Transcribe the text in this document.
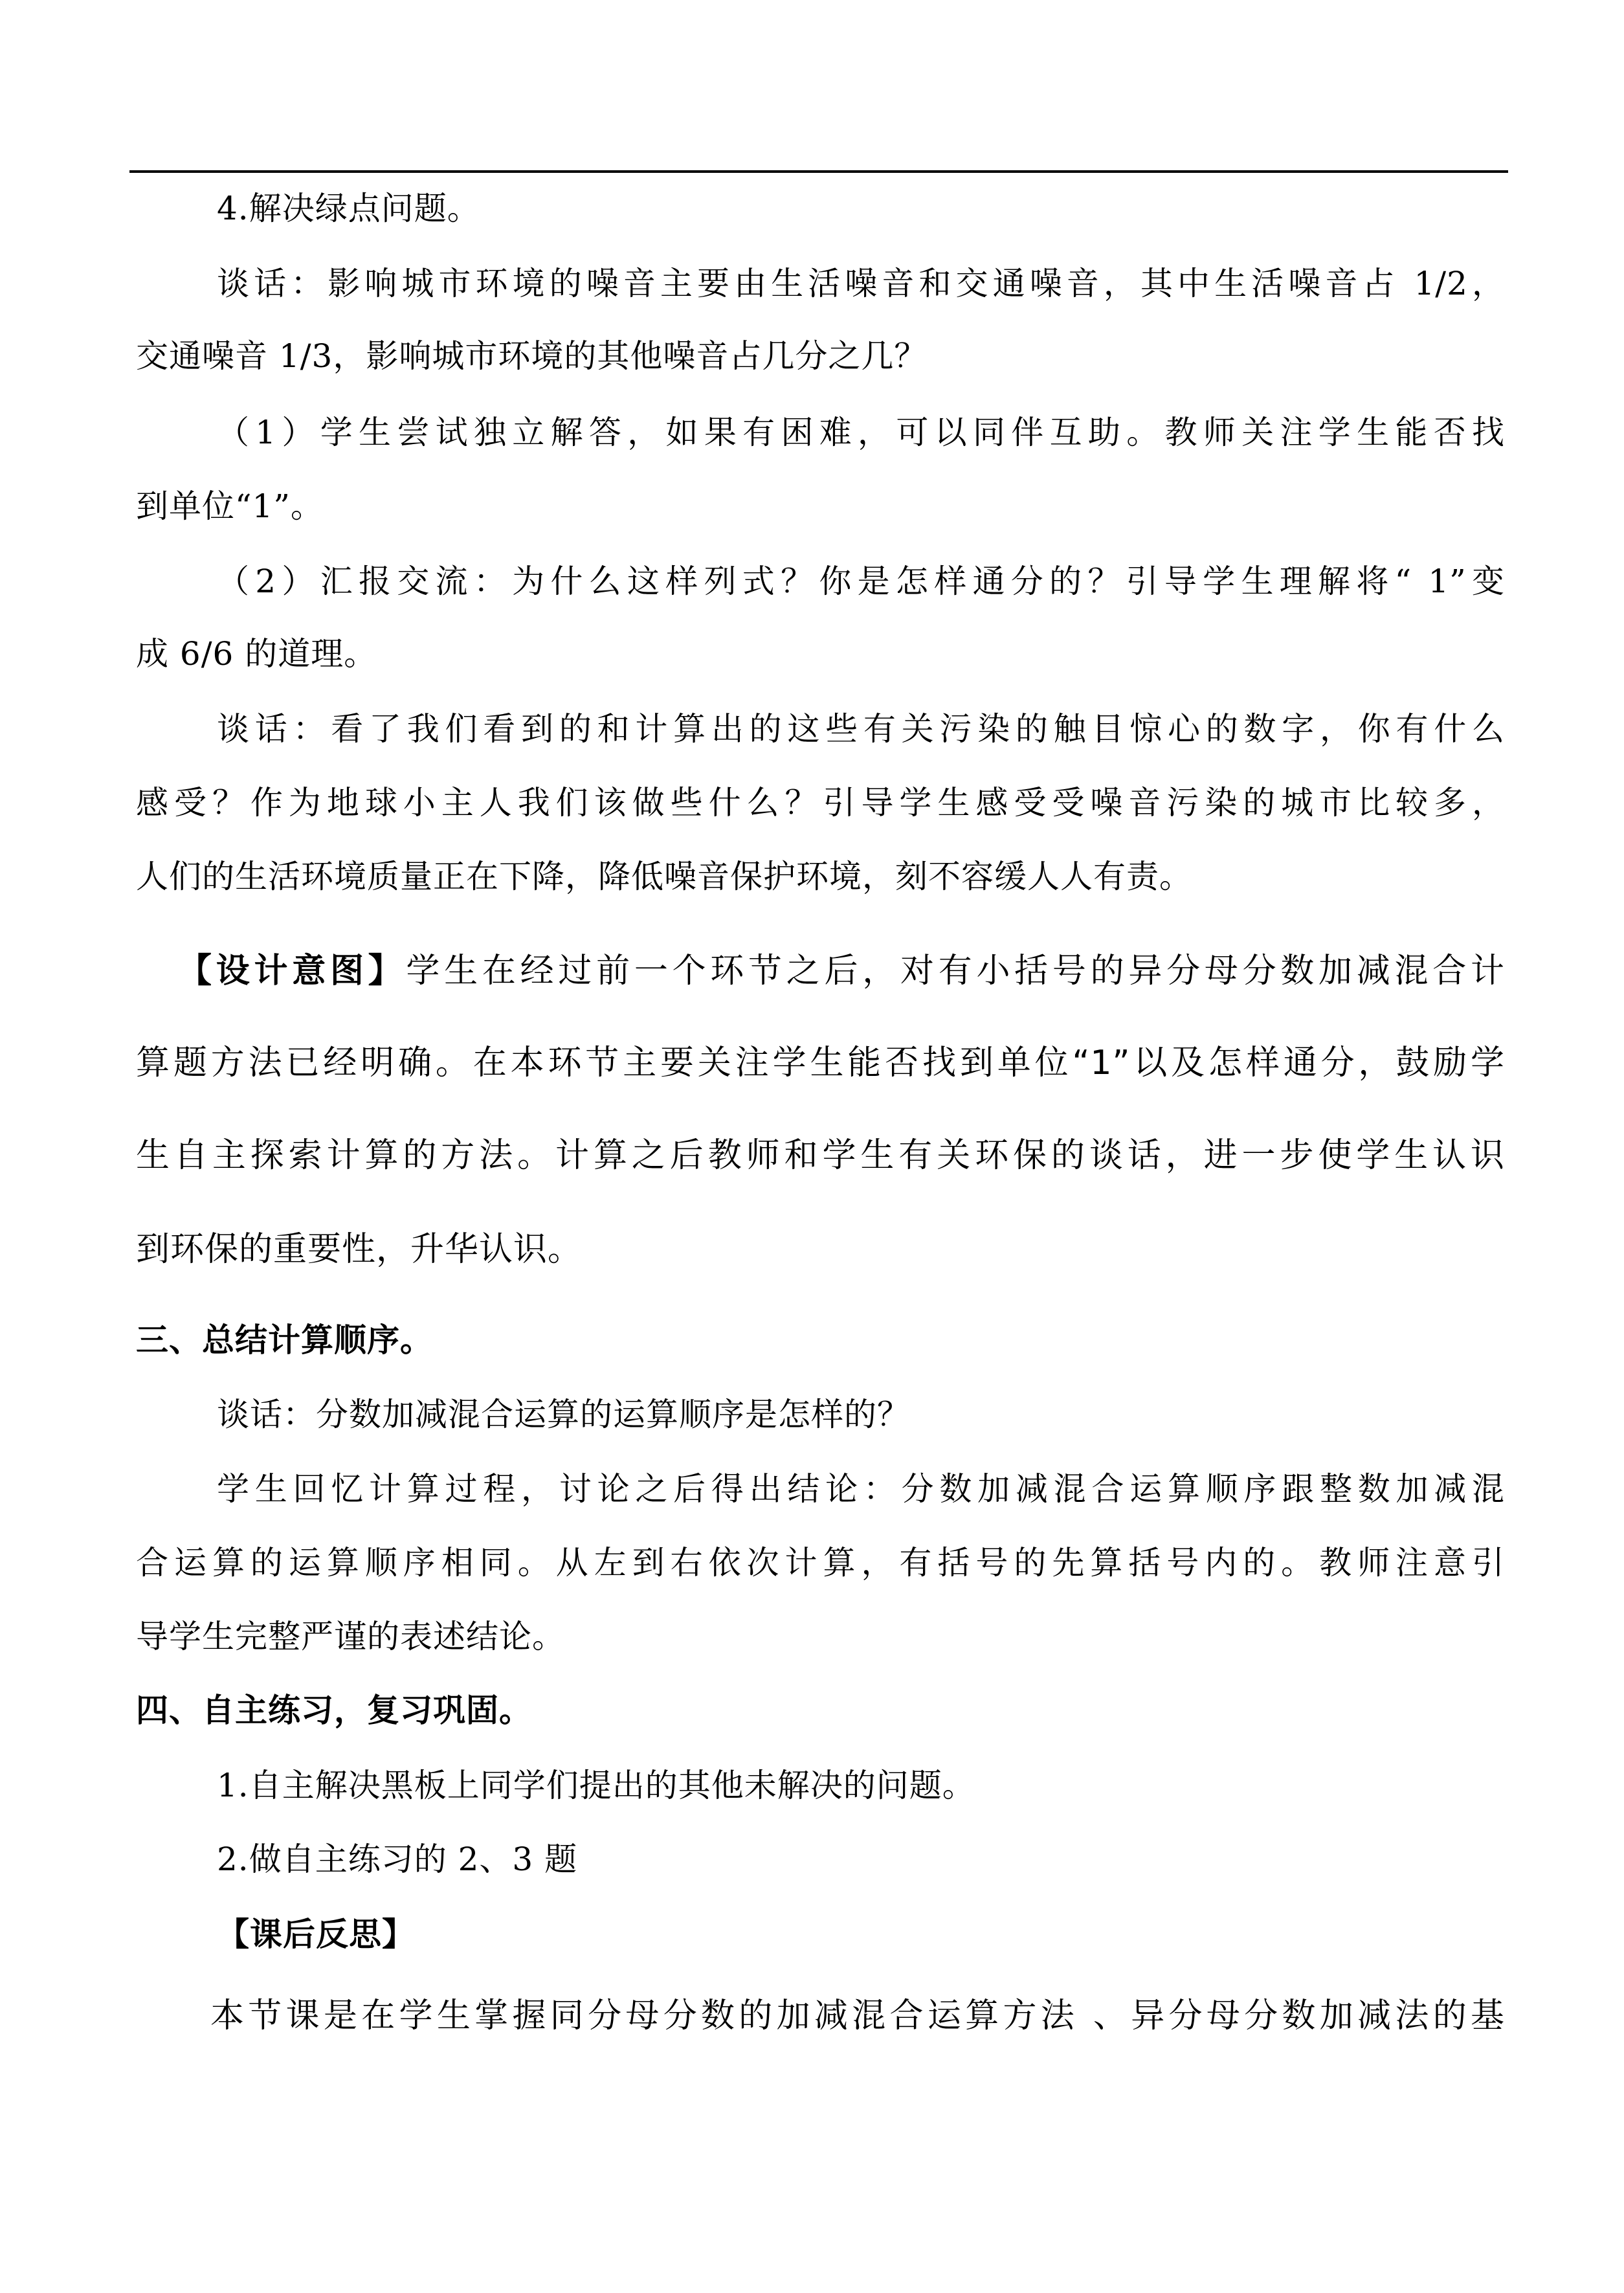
4.解决绿点问题。
谈话：影响城市环境的噪音主要由生活噪音和交通噪音，其中生活噪音占 1/2，
交通噪音 1/3，影响城市环境的其他噪音占几分之几？
（1）学生尝试独立解答，如果有困难，可以同伴互助。教师关注学生能否找
到单位“1”。
（2）汇报交流：为什么这样列式？你是怎样通分的？引导学生理解将“ 1”变
成 6/6 的道理。
谈话：看了我们看到的和计算出的这些有关污染的触目惊心的数字，你有什么
感受？作为地球小主人我们该做些什么？引导学生感受受噪音污染的城市比较多，
人们的生活环境质量正在下降，降低噪音保护环境，刻不容缓人人有责。
【设计意图】学生在经过前一个环节之后，对有小括号的异分母分数加减混合计
算题方法已经明确。在本环节主要关注学生能否找到单位“1”以及怎样通分，鼓励学
生自主探索计算的方法。计算之后教师和学生有关环保的谈话，进一步使学生认识
到环保的重要性，升华认识。
三、总结计算顺序。
谈话：分数加减混合运算的运算顺序是怎样的？
学生回忆计算过程，讨论之后得出结论：分数加减混合运算顺序跟整数加减混
合运算的运算顺序相同。从左到右依次计算，有括号的先算括号内的。教师注意引
导学生完整严谨的表述结论。
四、自主练习，复习巩固。
1.自主解决黑板上同学们提出的其他未解决的问题。
2.做自主练习的 2、3 题
【课后反思】
本节课是在学生掌握同分母分数的加减混合运算方法 、异分母分数加减法的基
